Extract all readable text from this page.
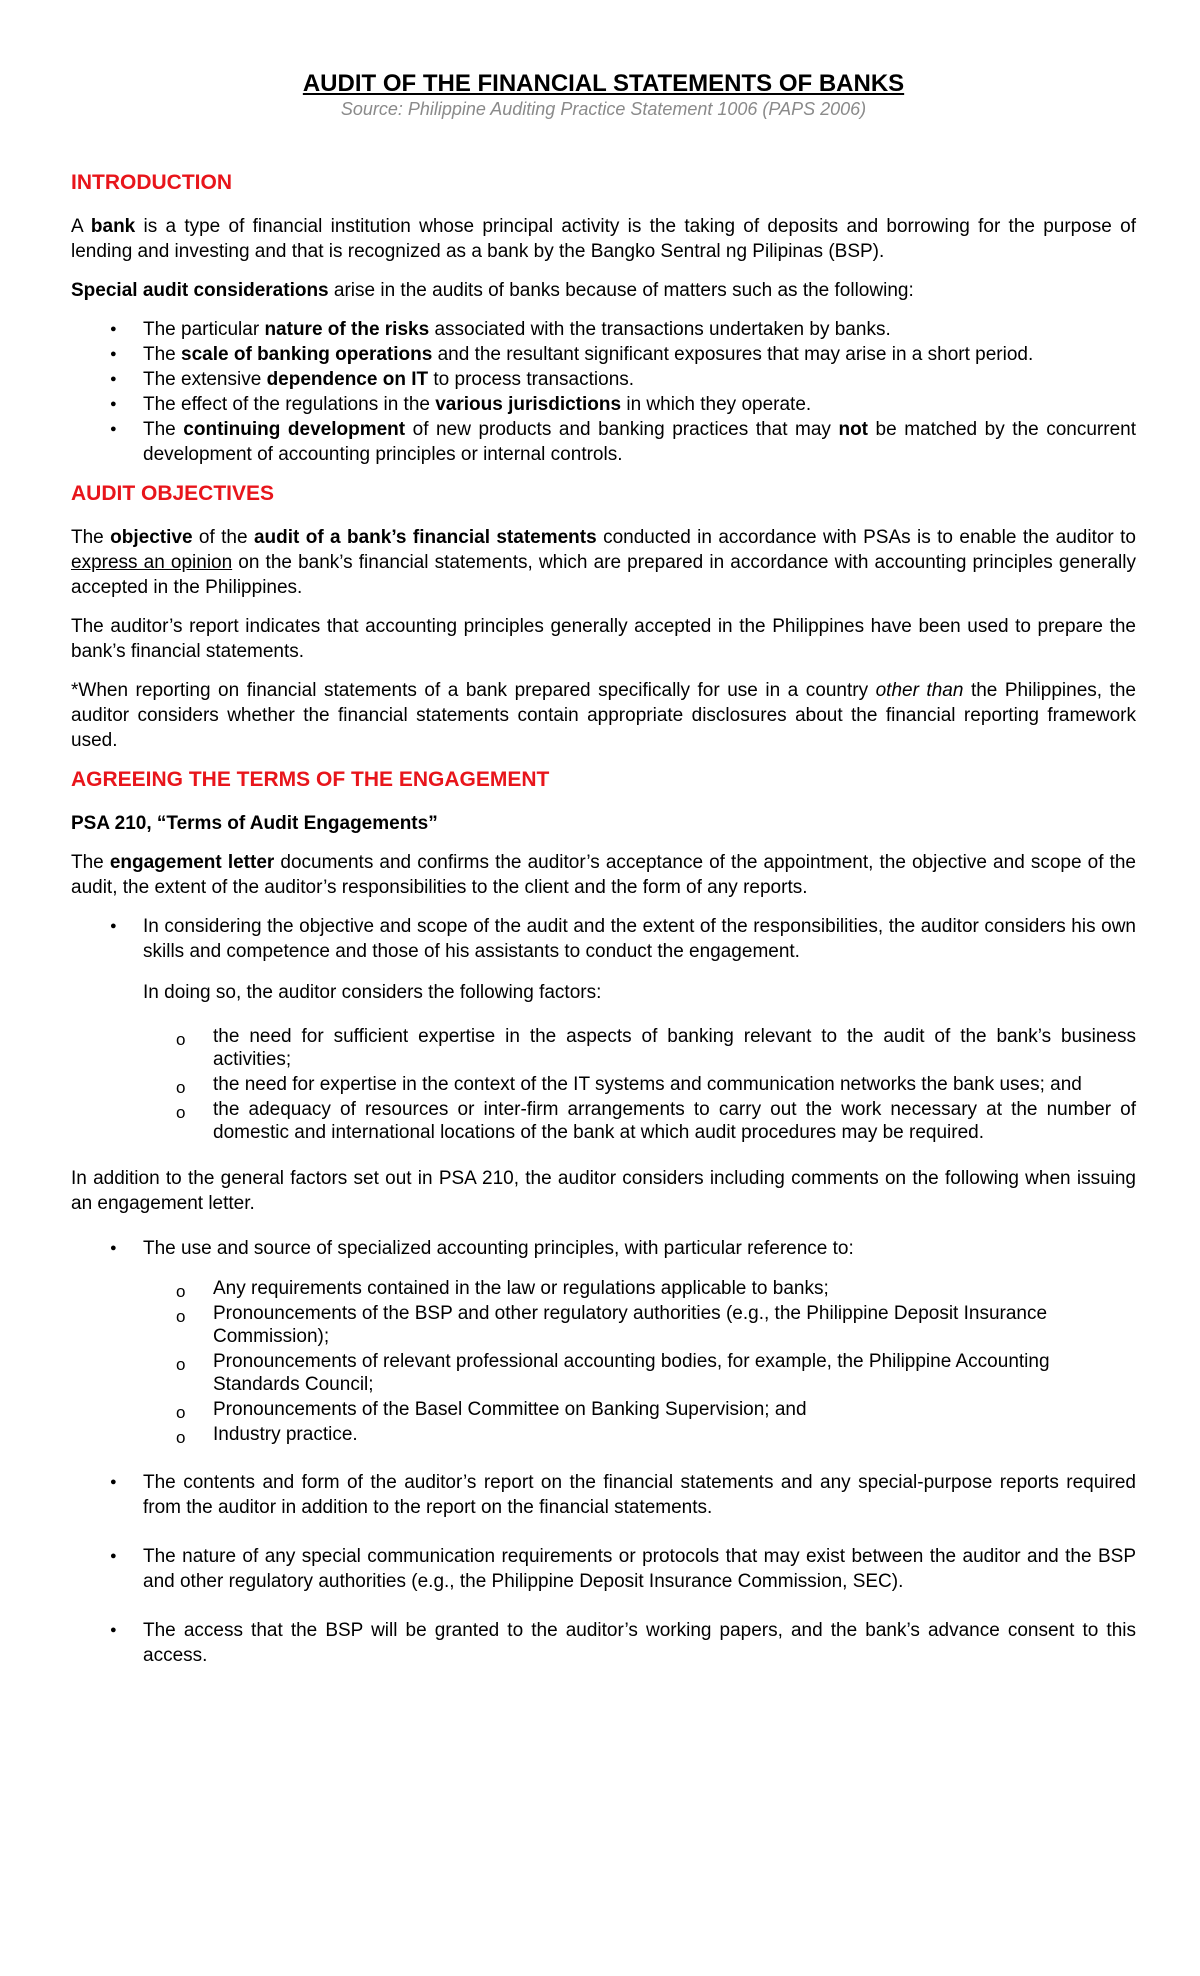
AUDIT OF THE FINANCIAL STATEMENTS OF BANKS
Source: Philippine Auditing Practice Statement 1006 (PAPS 2006)
INTRODUCTION

A bank is a type of financial institution whose principal activity is the taking of deposits and borrowing for the purpose of lending and investing and that is recognized as a bank by the Bangko Sentral ng Pilipinas (BSP).

Special audit considerations arise in the audits of banks because of matters such as the following:

● The particular nature of the risks associated with the transactions undertaken by banks.
● The scale of banking operations and the resultant significant exposures that may arise in a short period.
● The extensive dependence on IT to process transactions.
● The effect of the regulations in the various jurisdictions in which they operate.
● The continuing development of new products and banking practices that may not be matched by the concurrent development of accounting principles or internal controls.
AUDIT OBJECTIVES

The objective of the audit of a bank’s financial statements conducted in accordance with PSAs is to enable the auditor to express an opinion on the bank’s financial statements, which are prepared in accordance with accounting principles generally accepted in the Philippines.

The auditor’s report indicates that accounting principles generally accepted in the Philippines have been used to prepare the bank’s financial statements.

*When reporting on financial statements of a bank prepared specifically for use in a country other than the Philippines, the auditor considers whether the financial statements contain appropriate disclosures about the financial reporting framework used.

AGREEING THE TERMS OF THE ENGAGEMENT

PSA 210, “Terms of Audit Engagements”

The engagement letter documents and confirms the auditor’s acceptance of the appointment, the objective and scope of the audit, the extent of the auditor’s responsibilities to the client and the form of any reports.

● In considering the objective and scope of the audit and the extent of the responsibilities, the auditor considers his own skills and competence and those of his assistants to conduct the engagement.
In doing so, the auditor considers the following factors:
o the need for sufficient expertise in the aspects of banking relevant to the audit of the bank’s business activities;
o the need for expertise in the context of the IT systems and communication networks the bank uses; and
o the adequacy of resources or inter-firm arrangements to carry out the work necessary at the number of domestic and international locations of the bank at which audit procedures may be required.

In addition to the general factors set out in PSA 210, the auditor considers including comments on the following when issuing an engagement letter.

● The use and source of specialized accounting principles, with particular reference to:
o Any requirements contained in the law or regulations applicable to banks;
o Pronouncements of the BSP and other regulatory authorities (e.g., the Philippine Deposit Insurance Commission);
o Pronouncements of relevant professional accounting bodies, for example, the Philippine Accounting Standards Council;
o Pronouncements of the Basel Committee on Banking Supervision; and
o Industry practice.
● The contents and form of the auditor’s report on the financial statements and any special-purpose reports required from the auditor in addition to the report on the financial statements.
● The nature of any special communication requirements or protocols that may exist between the auditor and the BSP and other regulatory authorities (e.g., the Philippine Deposit Insurance Commission, SEC).
● The access that the BSP will be granted to the auditor’s working papers, and the bank’s advance consent to this access.
